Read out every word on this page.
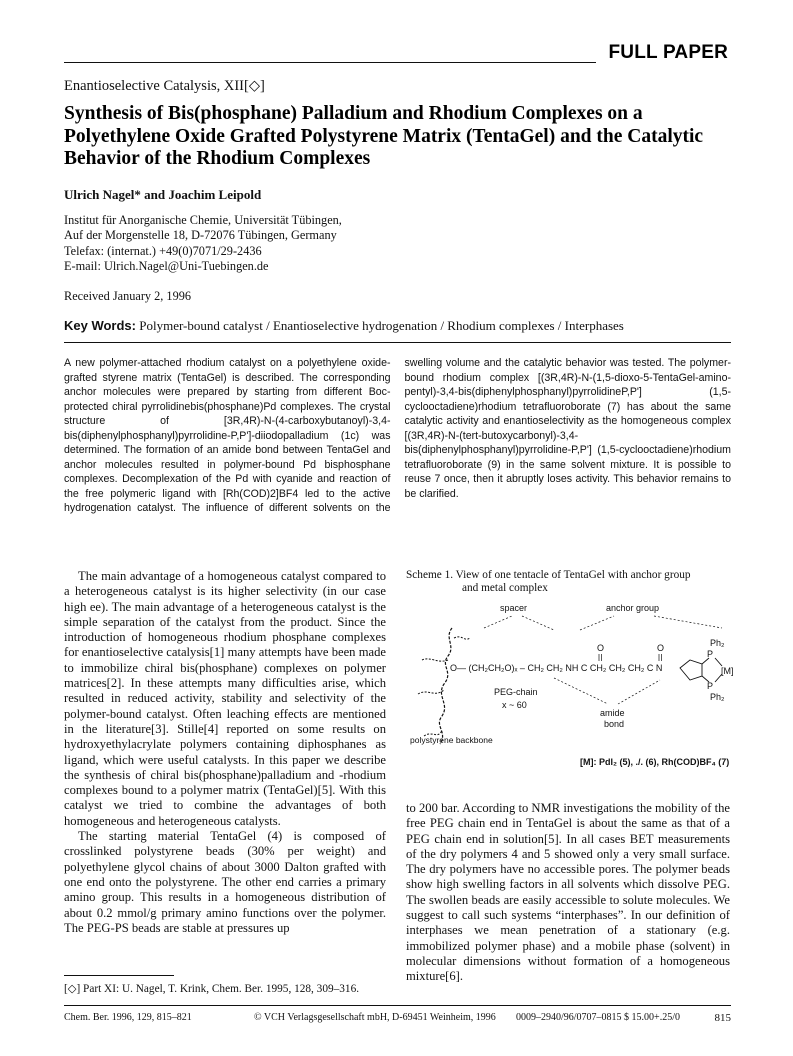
FULL PAPER
Enantioselective Catalysis, XII[◇]
Synthesis of Bis(phosphane) Palladium and Rhodium Complexes on a Polyethylene Oxide Grafted Polystyrene Matrix (TentaGel) and the Catalytic Behavior of the Rhodium Complexes
Ulrich Nagel* and Joachim Leipold
Institut für Anorganische Chemie, Universität Tübingen,
Auf der Morgenstelle 18, D-72076 Tübingen, Germany
Telefax: (internat.) +49(0)7071/29-2436
E-mail: Ulrich.Nagel@Uni-Tuebingen.de
Received January 2, 1996
Key Words: Polymer-bound catalyst / Enantioselective hydrogenation / Rhodium complexes / Interphases

A new polymer-attached rhodium catalyst on a polyethylene oxide-grafted styrene matrix (TentaGel) is described. The corresponding anchor molecules were prepared by starting from different Boc-protected chiral pyrrolidinebis(phosphane)Pd complexes. The crystal structure of [3R,4R)-N-(4-carboxybutanoyl)-3,4-bis(diphenylphosphanyl)pyrrolidine-P,P']-diiodopalladium (1c) was determined. The formation of an amide bond between TentaGel and anchor molecules resulted in polymer-bound Pd bisphosphane complexes. Decomplexation of the Pd with cyanide and reaction of the free polymeric ligand with [Rh(COD)2]BF4 led to the active hydrogenation catalyst. The influence of different solvents on the swelling volume and the catalytic behavior was tested. The polymer-bound rhodium complex [(3R,4R)-N-(1,5-dioxo-5-TentaGel-amino-pentyl)-3,4-bis(diphenylphosphanyl)pyrrolidineP,P'] (1,5-cyclooctadiene)rhodium tetrafluoroborate (7) has about the same catalytic activity and enantioselectivity as the homogeneous complex [(3R,4R)-N-(tert-butoxycarbonyl)-3,4-bis(diphenylphosphanyl)pyrrolidine-P,P'] (1,5-cyclooctadiene)rhodium tetrafluoroborate (9) in the same solvent mixture. It is possible to reuse 7 once, then it abruptly loses activity. This behavior remains to be clarified.

The main advantage of a homogeneous catalyst compared to a heterogeneous catalyst is its higher selectivity (in our case high ee). The main advantage of a heterogeneous catalyst is the simple separation of the catalyst from the product. Since the introduction of homogeneous rhodium phosphane complexes for enantioselective catalysis[1] many attempts have been made to immobilize chiral bis(phosphane) complexes on polymer matrices[2]. In these attempts many difficulties arise, which resulted in reduced activity, stability and selectivity of the polymer-bound catalyst. Often leaching effects are mentioned in the literature[3]. Stille[4] reported on some results on hydroxyethylacrylate polymers containing diphosphanes as ligand, which were useful catalysts. In this paper we describe the synthesis of chiral bis(phosphane)palladium and -rhodium complexes bound to a polymer matrix (TentaGel)[5]. With this catalyst we tried to combine the advantages of both homogeneous and heterogeneous catalysts.

The starting material TentaGel (4) is composed of crosslinked polystyrene beads (30% per weight) and polyethylene glycol chains of about 3000 Dalton grafted with one end onto the polystyrene. The other end carries a primary amino group. This results in a homogeneous distribution of about 0.2 mmol/g primary amino functions over the polymer. The PEG-PS beads are stable at pressures up

[◇] Part XI: U. Nagel, T. Krink, Chem. Ber. 1995, 128, 309–316.
Scheme 1. View of one tentacle of TentaGel with anchor group
and metal complex
spacer	anchor group
O	O
O— (CH₂CH₂O)ₓ – CH₂ CH₂ NH C CH₂ CH₂ CH₂ C N
Ph₂
P
[M]
P
Ph₂
PEG-chain
x ~ 60
amide
bond
polystyrene backbone
[M]: PdI₂ (5), ./. (6), Rh(COD)BF₄ (7)

to 200 bar. According to NMR investigations the mobility of the free PEG chain end in TentaGel is about the same as that of a PEG chain end in solution[5]. In all cases BET measurements of the dry polymers 4 and 5 showed only a very small surface. The dry polymers have no accessible pores. The polymer beads show high swelling factors in all solvents which dissolve PEG. The swollen beads are easily accessible to solute molecules. We suggest to call such systems “interphases”. In our definition of interphases we mean penetration of a stationary (e.g. immobilized polymer phase) and a mobile phase (solvent) in molecular dimensions without formation of a homogeneous mixture[6].

Chem. Ber. 1996, 129, 815–821	© VCH Verlagsgesellschaft mbH, D-69451 Weinheim, 1996 0009–2940/96/0707–0815 $ 15.00+.25/0	815
